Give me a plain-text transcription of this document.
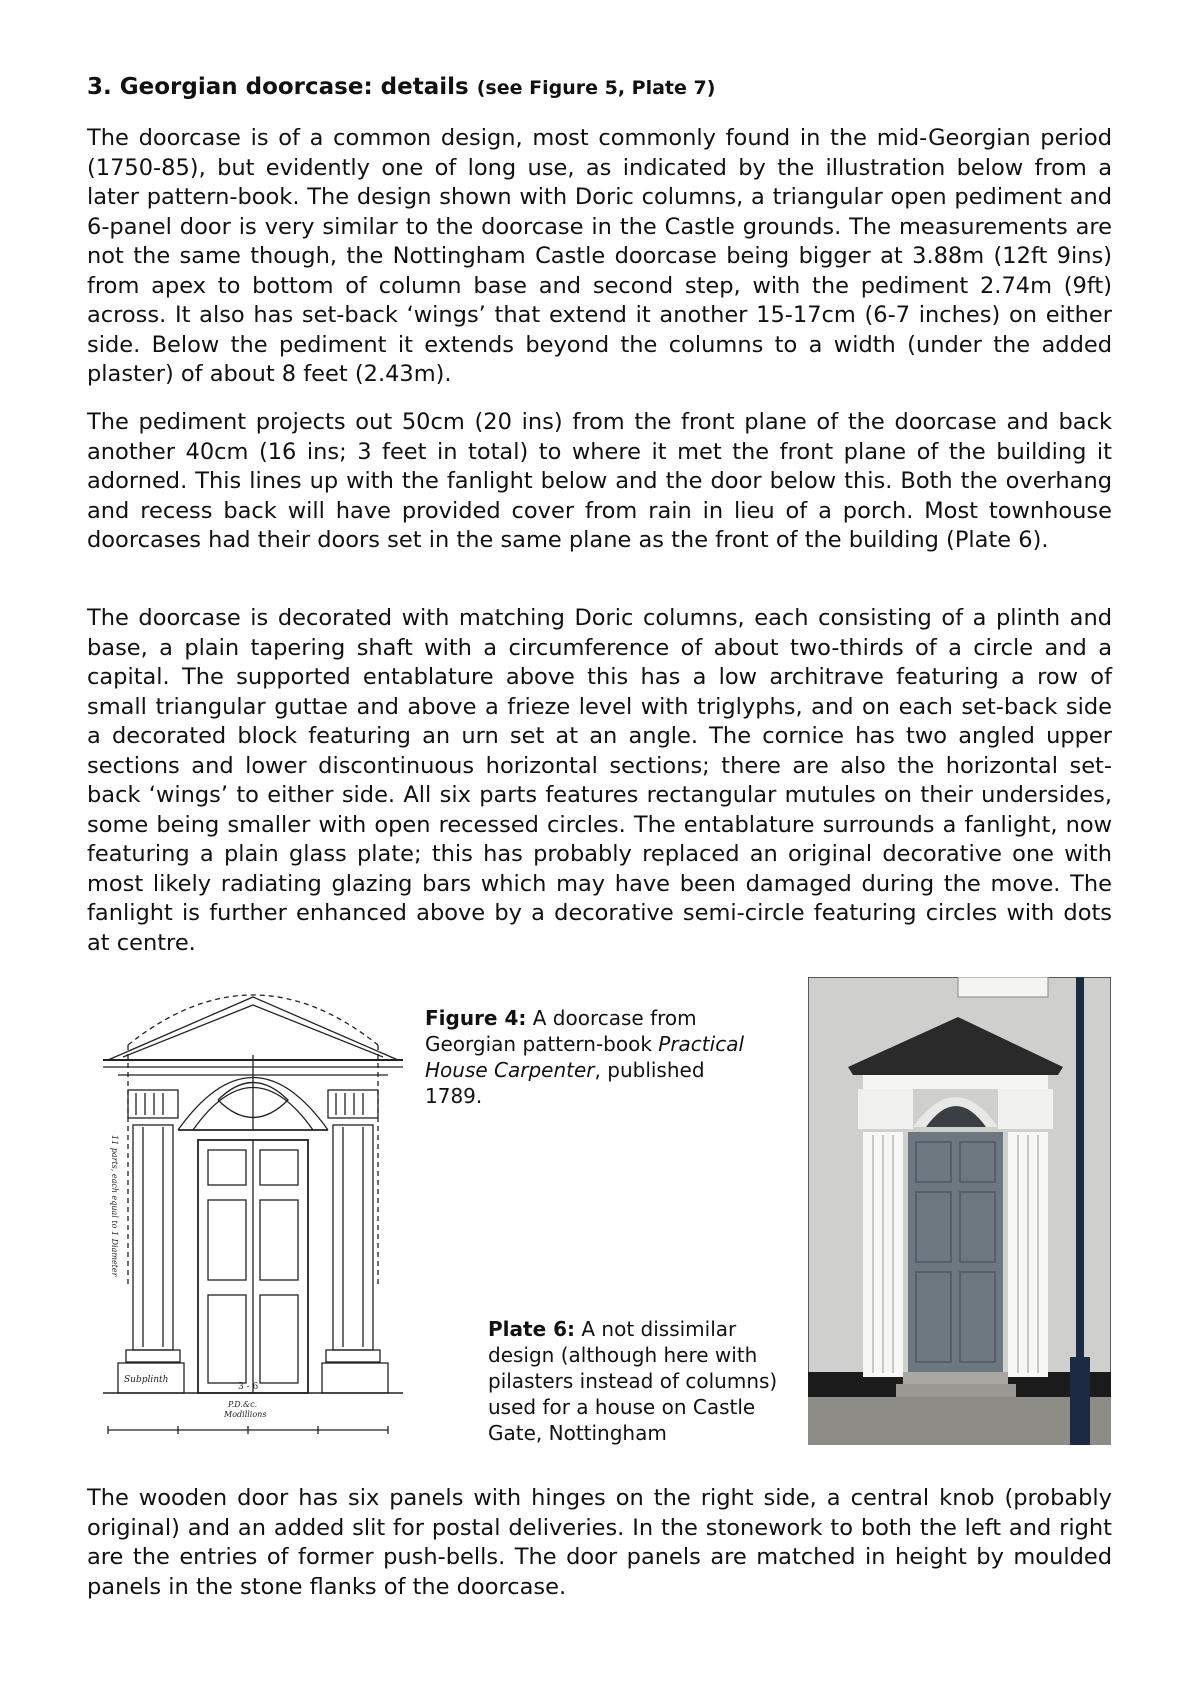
3. Georgian doorcase: details (see Figure 5, Plate 7)

The doorcase is of a common design, most commonly found in the mid-Georgian period (1750-85), but evidently one of long use, as indicated by the illustration below from a later pattern-book. The design shown with Doric columns, a triangular open pediment and 6-panel door is very similar to the doorcase in the Castle grounds. The measurements are not the same though, the Nottingham Castle doorcase being bigger at 3.88m (12ft 9ins) from apex to bottom of column base and second step, with the pediment 2.74m (9ft) across. It also has set-back ‘wings’ that extend it another 15-17cm (6-7 inches) on either side. Below the pediment it extends beyond the columns to a width (under the added plaster) of about 8 feet (2.43m).

The pediment projects out 50cm (20 ins) from the front plane of the doorcase and back another 40cm (16 ins; 3 feet in total) to where it met the front plane of the building it adorned. This lines up with the fanlight below and the door below this. Both the overhang and recess back will have provided cover from rain in lieu of a porch. Most townhouse doorcases had their doors set in the same plane as the front of the building (Plate 6).

The doorcase is decorated with matching Doric columns, each consisting of a plinth and base, a plain tapering shaft with a circumference of about two-thirds of a circle and a capital. The supported entablature above this has a low architrave featuring a row of small triangular guttae and above a frieze level with triglyphs, and on each set-back side a decorated block featuring an urn set at an angle. The cornice has two angled upper sections and lower discontinuous horizontal sections; there are also the horizontal set-back ‘wings’ to either side. All six parts features rectangular mutules on their undersides, some being smaller with open recessed circles. The entablature surrounds a fanlight, now featuring a plain glass plate; this has probably replaced an original decorative one with most likely radiating glazing bars which may have been damaged during the move. The fanlight is further enhanced above by a decorative semi-circle featuring circles with dots at centre.

11 parts, each equal to 1 Diameter
Subplinth
3 - 6
P.D.&c.
Modillions

Figure 4: A doorcase from Georgian pattern-book Practical House Carpenter, published 1789.

Plate 6: A not dissimilar design (although here with pilasters instead of columns) used for a house on Castle Gate, Nottingham

The wooden door has six panels with hinges on the right side, a central knob (probably original) and an added slit for postal deliveries. In the stonework to both the left and right are the entries of former push-bells. The door panels are matched in height by moulded panels in the stone flanks of the doorcase.
